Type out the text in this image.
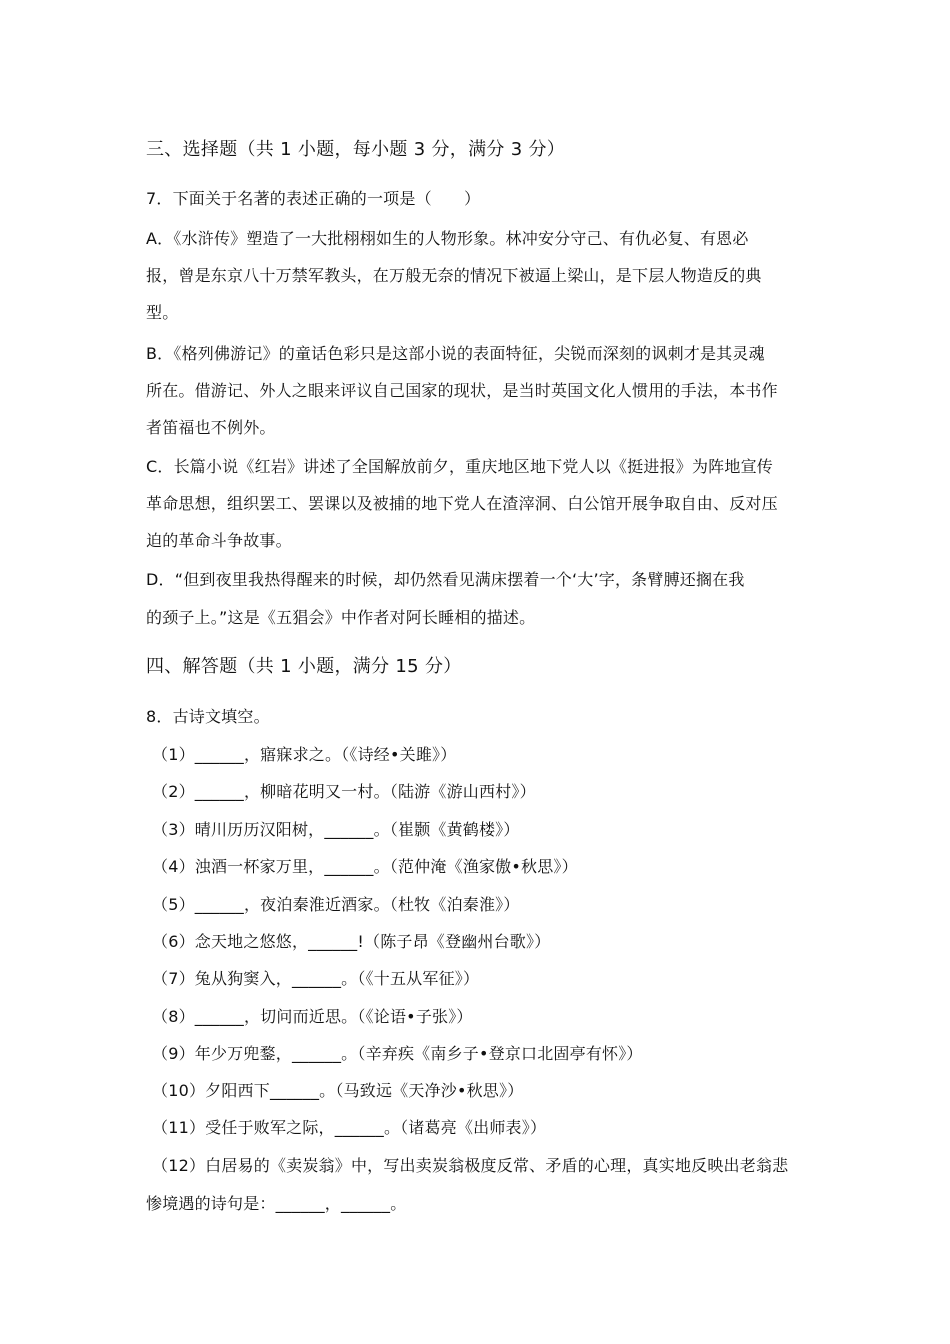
三、选择题（共 1 小题，每小题 3 分，满分 3 分）
7．下面关于名著的表述正确的一项是（　　）
A．《水浒传》塑造了一大批栩栩如生的人物形象。林冲安分守己、有仇必复、有恩必
报，曾是东京八十万禁军教头，在万般无奈的情况下被逼上梁山，是下层人物造反的典
型。
B．《格列佛游记》的童话色彩只是这部小说的表面特征，尖锐而深刻的讽刺才是其灵魂
所在。借游记、外人之眼来评议自己国家的现状，是当时英国文化人惯用的手法，本书作
者笛福也不例外。
C．长篇小说《红岩》讲述了全国解放前夕，重庆地区地下党人以《挺进报》为阵地宣传
革命思想，组织罢工、罢课以及被捕的地下党人在渣滓洞、白公馆开展争取自由、反对压
迫的革命斗争故事。
D．“但到夜里我热得醒来的时候，却仍然看见满床摆着一个‘大’字，条臂膊还搁在我
的颈子上。”这是《五猖会》中作者对阿长睡相的描述。
四、解答题（共 1 小题，满分 15 分）
8．古诗文填空。
（1）______，寤寐求之。（《诗经•关雎》）
（2）______，柳暗花明又一村。（陆游《游山西村》）
（3）晴川历历汉阳树，______。（崔颢《黄鹤楼》）
（4）浊酒一杯家万里，______。（范仲淹《渔家傲•秋思》）
（5）______，夜泊秦淮近酒家。（杜牧《泊秦淮》）
（6）念天地之悠悠，______!（陈子昂《登幽州台歌》）
（7）兔从狗窦入，______。（《十五从军征》）
（8）______，切问而近思。（《论语•子张》）
（9）年少万兜鍪，______。（辛弃疾《南乡子•登京口北固亭有怀》）
（10）夕阳西下______。（马致远《天净沙•秋思》）
（11）受任于败军之际，______。（诸葛亮《出师表》）
（12）白居易的《卖炭翁》中，写出卖炭翁极度反常、矛盾的心理，真实地反映出老翁悲
惨境遇的诗句是：______，______。
